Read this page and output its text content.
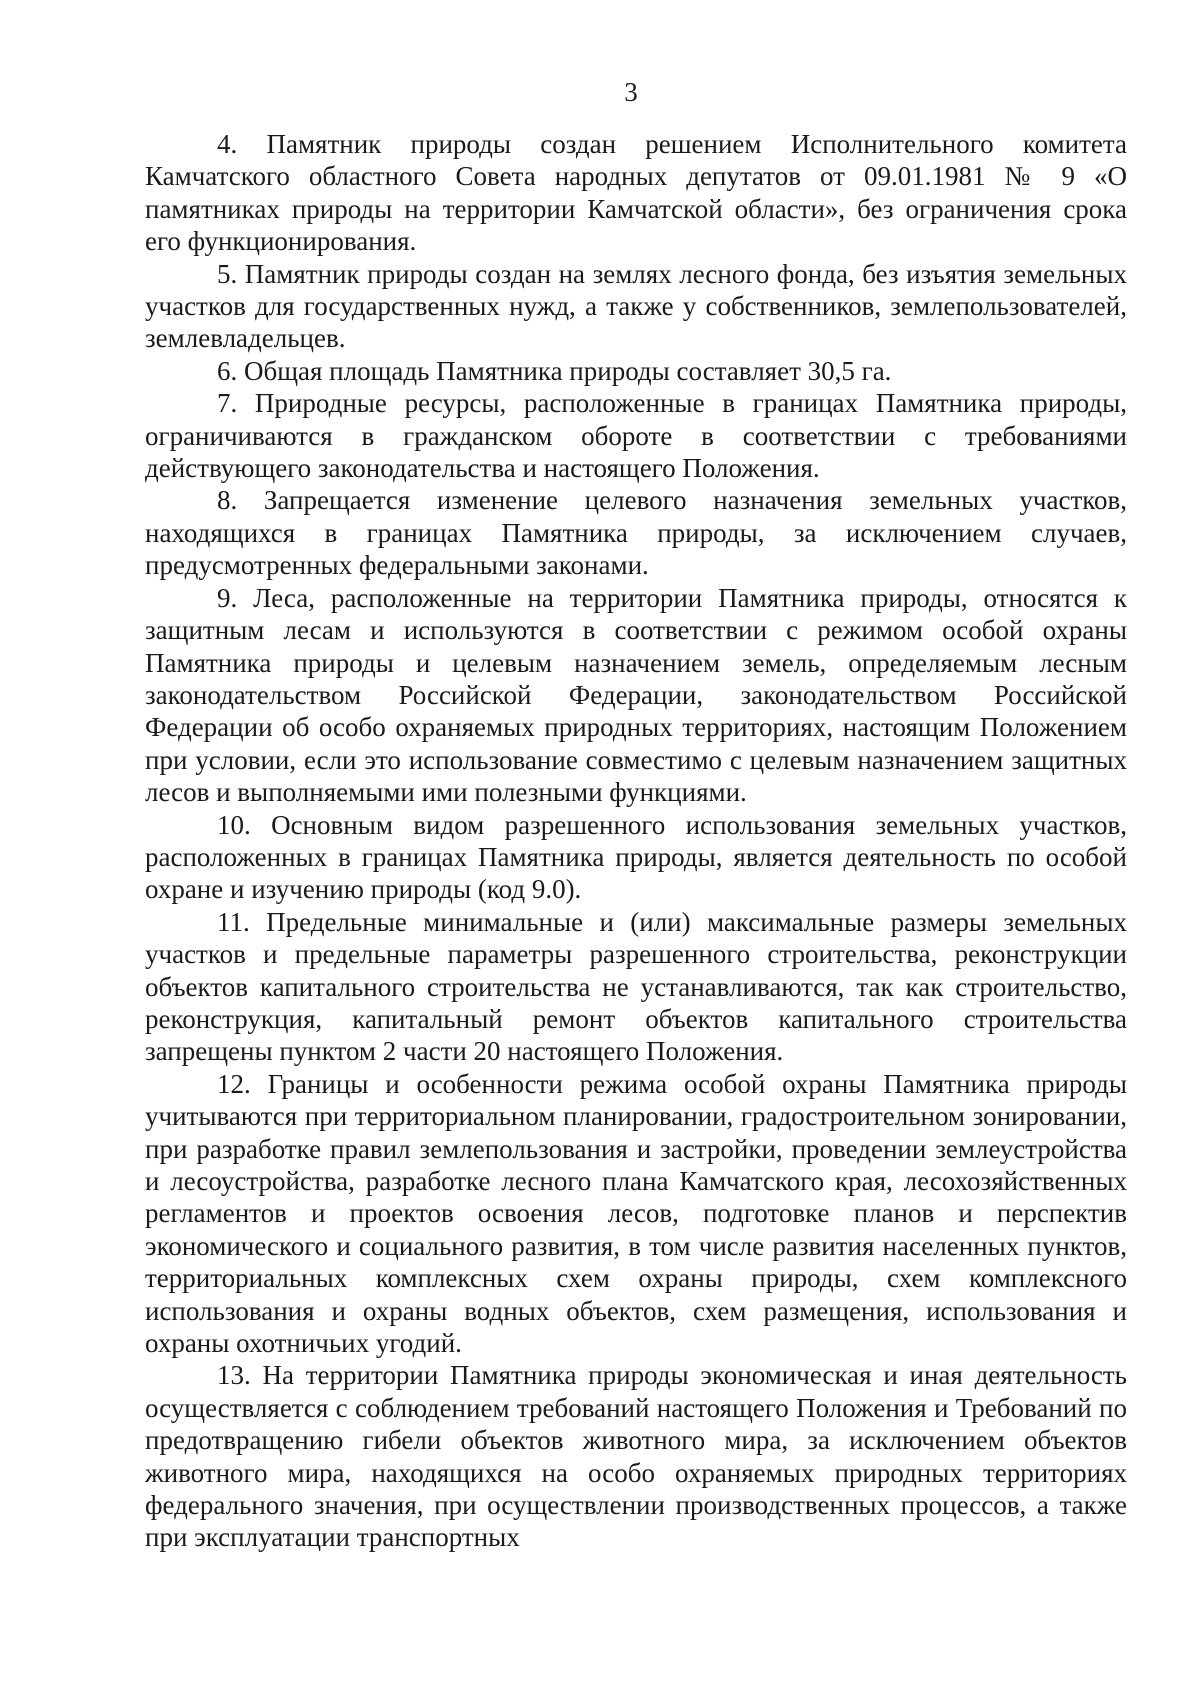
3

4. Памятник природы создан решением Исполнительного комитета Камчатского областного Совета народных депутатов от 09.01.1981 № 9 «О памятниках природы на территории Камчатской области», без ограничения срока его функционирования.

5. Памятник природы создан на землях лесного фонда, без изъятия земельных участков для государственных нужд, а также у собственников, землепользователей, землевладельцев.

6. Общая площадь Памятника природы составляет 30,5 га.

7. Природные ресурсы, расположенные в границах Памятника природы, ограничиваются в гражданском обороте в соответствии с требованиями действующего законодательства и настоящего Положения.

8. Запрещается изменение целевого назначения земельных участков, находящихся в границах Памятника природы, за исключением случаев, предусмотренных федеральными законами.

9. Леса, расположенные на территории Памятника природы, относятся к защитным лесам и используются в соответствии с режимом особой охраны Памятника природы и целевым назначением земель, определяемым лесным законодательством Российской Федерации, законодательством Российской Федерации об особо охраняемых природных территориях, настоящим Положением при условии, если это использование совместимо с целевым назначением защитных лесов и выполняемыми ими полезными функциями.

10. Основным видом разрешенного использования земельных участков, расположенных в границах Памятника природы, является деятельность по особой охране и изучению природы (код 9.0).

11. Предельные минимальные и (или) максимальные размеры земельных участков и предельные параметры разрешенного строительства, реконструкции объектов капитального строительства не устанавливаются, так как строительство, реконструкция, капитальный ремонт объектов капитального строительства запрещены пунктом 2 части 20 настоящего Положения.

12. Границы и особенности режима особой охраны Памятника природы учитываются при территориальном планировании, градостроительном зонировании, при разработке правил землепользования и застройки, проведении землеустройства и лесоустройства, разработке лесного плана Камчатского края, лесохозяйственных регламентов и проектов освоения лесов, подготовке планов и перспектив экономического и социального развития, в том числе развития населенных пунктов, территориальных комплексных схем охраны природы, схем комплексного использования и охраны водных объектов, схем размещения, использования и охраны охотничьих угодий.

13. На территории Памятника природы экономическая и иная деятельность осуществляется с соблюдением требований настоящего Положения и Требований по предотвращению гибели объектов животного мира, за исключением объектов животного мира, находящихся на особо охраняемых природных территориях федерального значения, при осуществлении производственных процессов, а также при эксплуатации транспортных
